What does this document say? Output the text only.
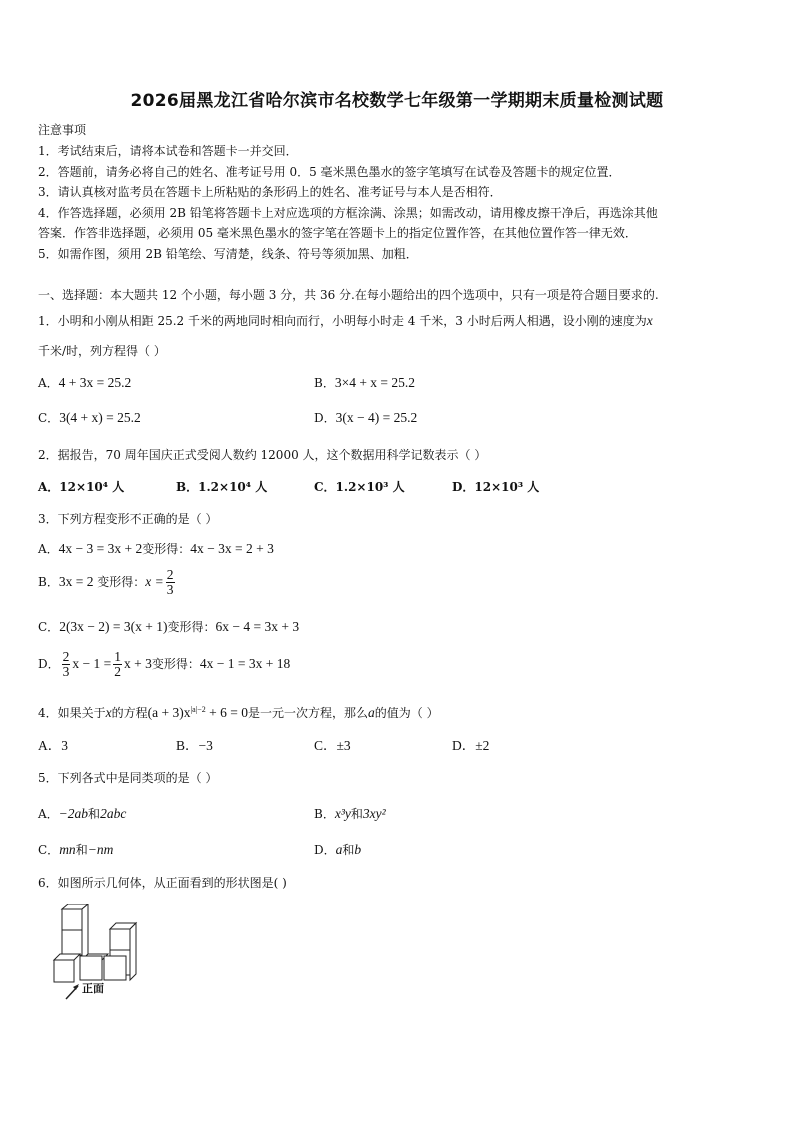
2026届黑龙江省哈尔滨市名校数学七年级第一学期期末质量检测试题
注意事项
1．考试结束后，请将本试卷和答题卡一并交回．
2．答题前，请务必将自己的姓名、准考证号用 0．5 毫米黑色墨水的签字笔填写在试卷及答题卡的规定位置．
3．请认真核对监考员在答题卡上所粘贴的条形码上的姓名、准考证号与本人是否相符．
4．作答选择题，必须用 2B 铅笔将答题卡上对应选项的方框涂满、涂黑；如需改动，请用橡皮擦干净后，再选涂其他
答案．作答非选择题，必须用 05 毫米黑色墨水的签字笔在答题卡上的指定位置作答，在其他位置作答一律无效．
5．如需作图，须用 2B 铅笔绘、写清楚，线条、符号等须加黑、加粗．
一、选择题：本大题共 12 个小题，每小题 3 分，共 36 分.在每小题给出的四个选项中，只有一项是符合题目要求的.
1．小明和小刚从相距 25.2 千米的两地同时相向而行，小明每小时走 4 千米，3 小时后两人相遇，设小刚的速度为x
千米/时，列方程得（ ）
A．4 + 3x = 25.2	B．3×4 + x = 25.2
C．3(4 + x) = 25.2	D．3(x − 4) = 25.2
2．据报告，70 周年国庆正式受阅人数约 12000 人，这个数据用科学记数表示（ ）
A．12×10⁴ 人	B．1.2×10⁴ 人	C．1.2×10³ 人	D．12×10³ 人
3．下列方程变形不正确的是（ ）
A．4x − 3 = 3x + 2变形得：4x − 3x = 2 + 3
B．3x = 2 变形得：$x = \frac{2}{3}$
C．2(3x − 2) = 3(x + 1)变形得：6x − 4 = 3x + 3
D． $\frac{2}{3}$ $x - 1 = \frac{1}{2}$ x + 3变形得：4x − 1 = 3x + 18
4．如果关于x的方程$(a + 3)x^{|a|-2} + 6 = 0$是一元一次方程，那么a的值为（ ）
A．3	B．−3	C．±3	D．±2
5．下列各式中是同类项的是（ ）
A．−2ab和2abc	B．x³y和3xy²
C．mn和−nm	D．a和b
6．如图所示几何体，从正面看到的形状图是( )
正面
